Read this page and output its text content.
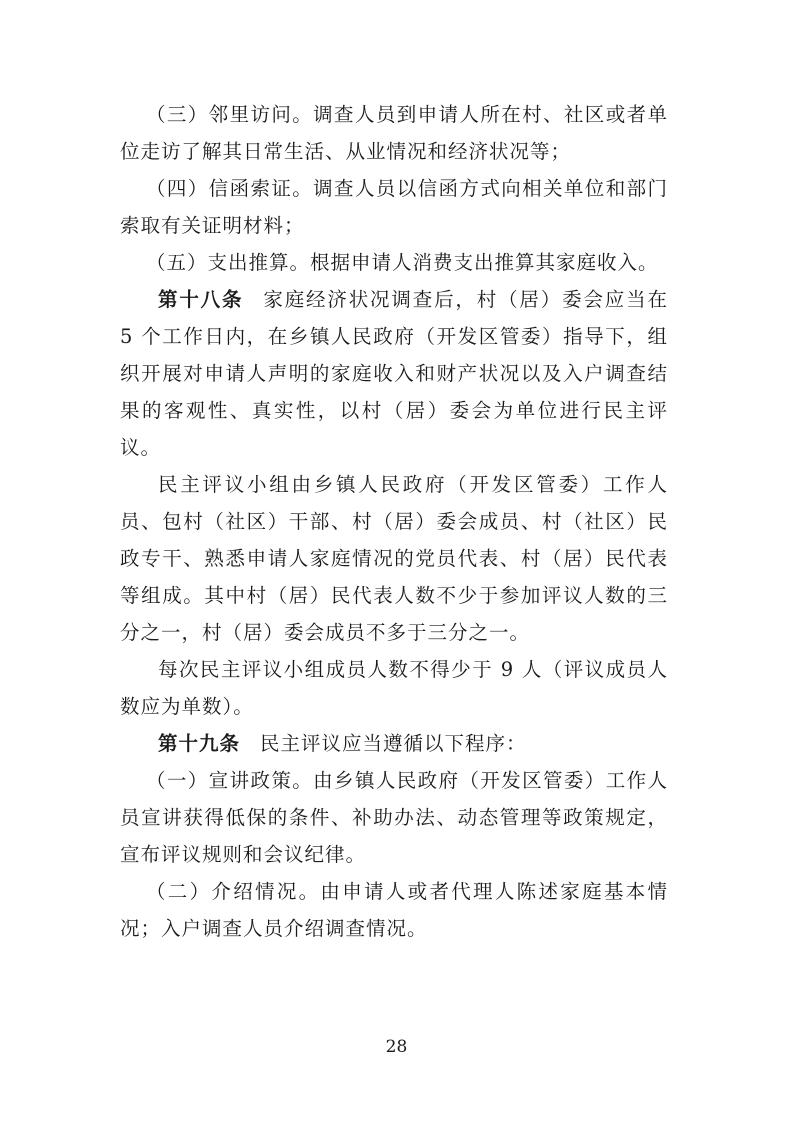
（三）邻里访问。调查人员到申请人所在村、社区或者单位走访了解其日常生活、从业情况和经济状况等；

（四）信函索证。调查人员以信函方式向相关单位和部门索取有关证明材料；

（五）支出推算。根据申请人消费支出推算其家庭收入。

第十八条 家庭经济状况调查后，村（居）委会应当在 5 个工作日内，在乡镇人民政府（开发区管委）指导下，组织开展对申请人声明的家庭收入和财产状况以及入户调查结果的客观性、真实性，以村（居）委会为单位进行民主评议。

民主评议小组由乡镇人民政府（开发区管委）工作人员、包村（社区）干部、村（居）委会成员、村（社区）民政专干、熟悉申请人家庭情况的党员代表、村（居）民代表等组成。其中村（居）民代表人数不少于参加评议人数的三分之一，村（居）委会成员不多于三分之一。

每次民主评议小组成员人数不得少于 9 人（评议成员人数应为单数）。

第十九条 民主评议应当遵循以下程序：

（一）宣讲政策。由乡镇人民政府（开发区管委）工作人员宣讲获得低保的条件、补助办法、动态管理等政策规定，宣布评议规则和会议纪律。

（二）介绍情况。由申请人或者代理人陈述家庭基本情况；入户调查人员介绍调查情况。

28
